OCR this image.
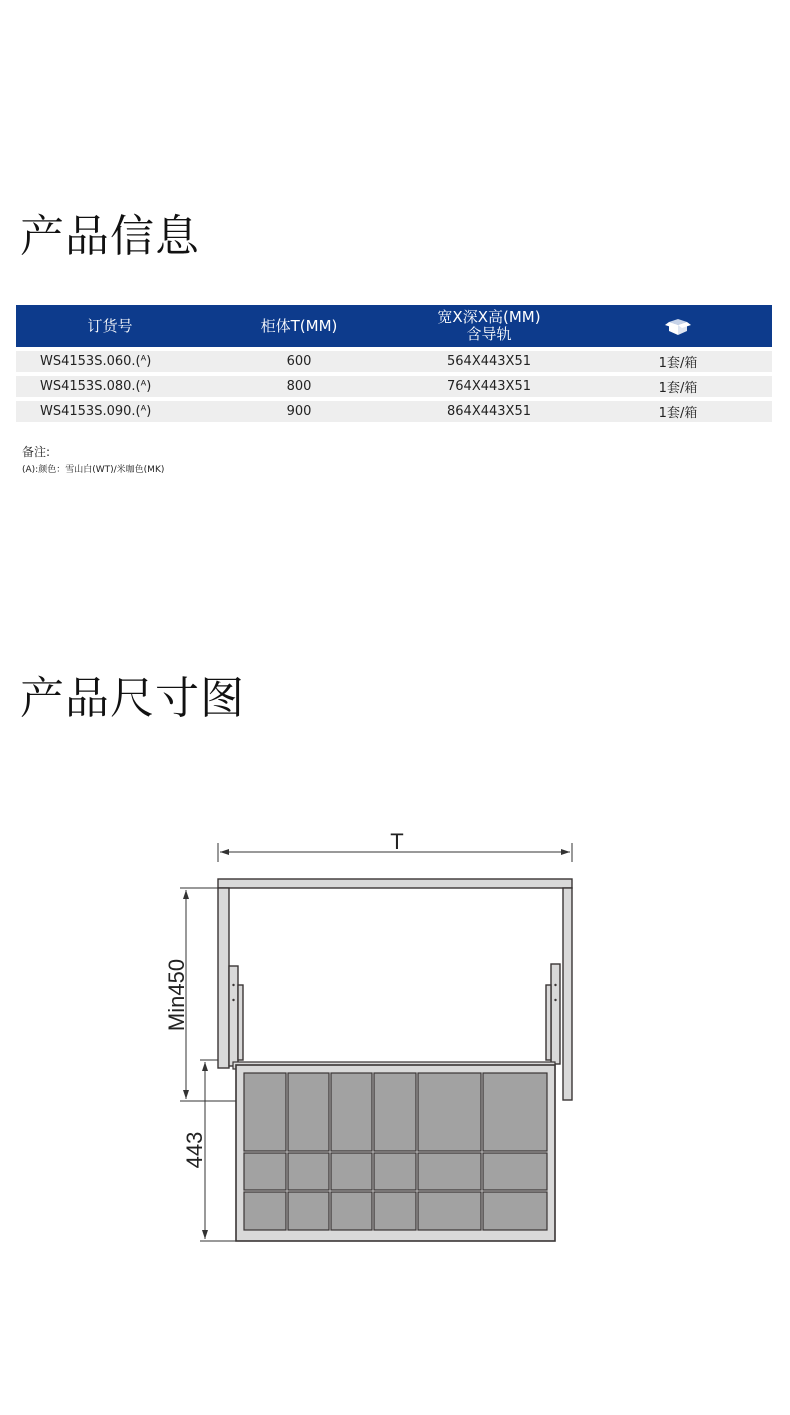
产品信息
订货号	柜体T(MM)	宽X深X高(MM)
含导轨

WS4153S.060.(ᴬ)	600	564X443X51	1套/箱

WS4153S.080.(ᴬ)	800	764X443X51	1套/箱

WS4153S.090.(ᴬ)	900	864X443X51	1套/箱
备注:
(A):颜色：雪山白(WT)/米咖色(MK)
产品尺寸图
T
Min450
443
